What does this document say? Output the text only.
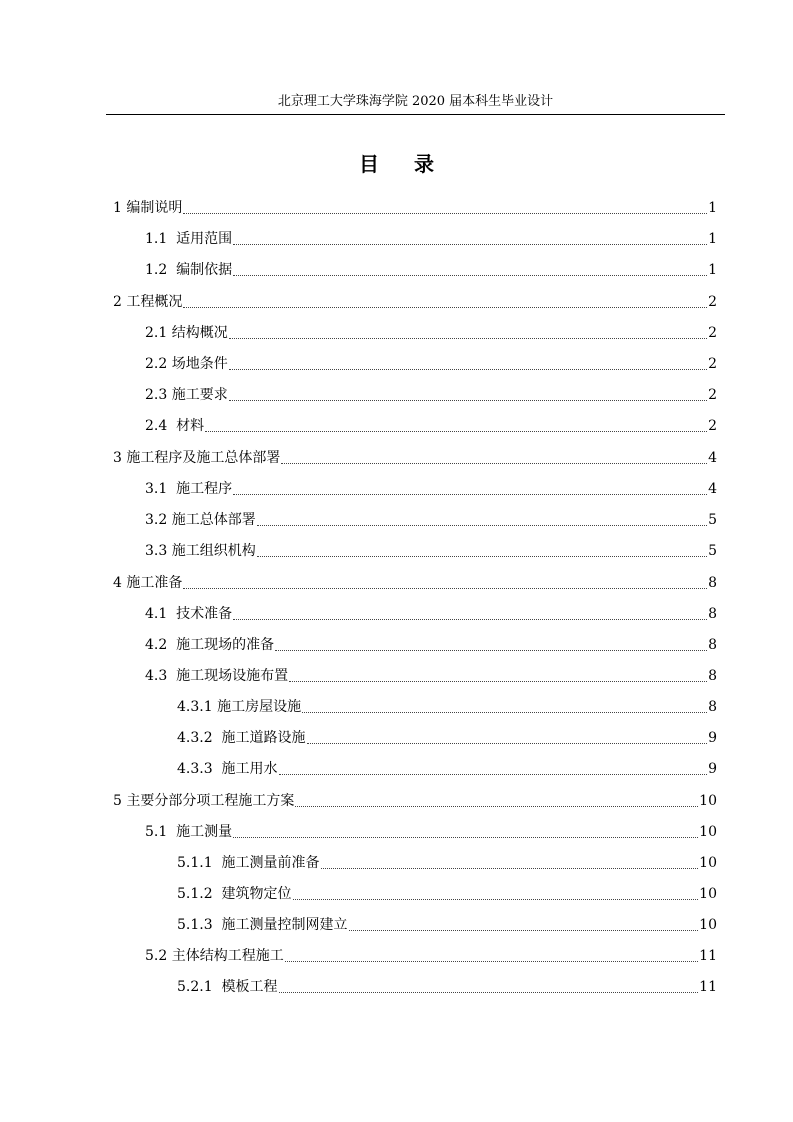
北京理工大学珠海学院 2020 届本科生毕业设计
目 录
1 编制说明	1
1.1  适用范围	1
1.2  编制依据	1
2 工程概况	2
2.1 结构概况	2
2.2 场地条件	2
2.3 施工要求	2
2.4  材料	2
3 施工程序及施工总体部署	4
3.1  施工程序	4
3.2 施工总体部署	5
3.3 施工组织机构	5
4 施工准备	8
4.1  技术准备	8
4.2  施工现场的准备	8
4.3  施工现场设施布置	8
4.3.1 施工房屋设施	8
4.3.2  施工道路设施	9
4.3.3  施工用水	9
5 主要分部分项工程施工方案	10
5.1  施工测量	10
5.1.1  施工测量前准备	10
5.1.2  建筑物定位	10
5.1.3  施工测量控制网建立	10
5.2 主体结构工程施工	11
5.2.1  模板工程	11
